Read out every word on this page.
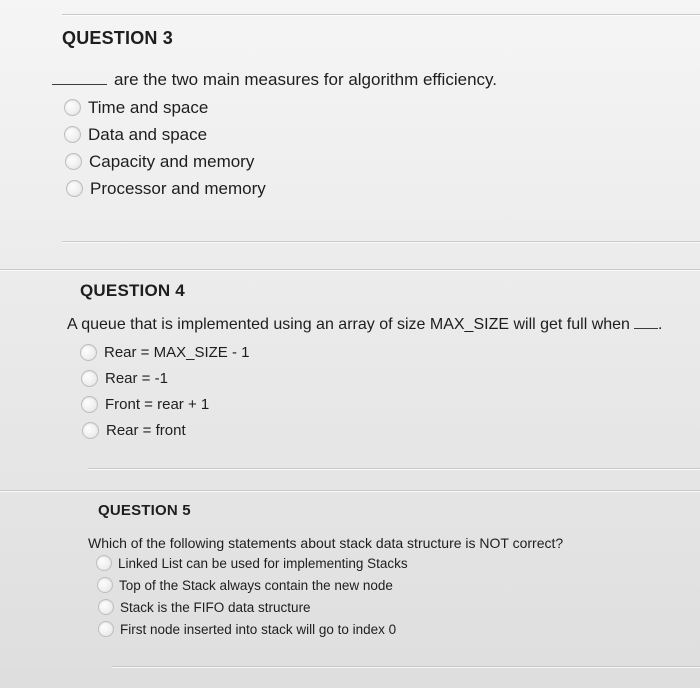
QUESTION 3
are the two main measures for algorithm efficiency.
Time and space
Data and space
Capacity and memory
Processor and memory
QUESTION 4
A queue that is implemented using an array of size MAX_SIZE will get full when .
Rear = MAX_SIZE - 1
Rear = -1
Front = rear + 1
Rear = front
QUESTION 5
Which of the following statements about stack data structure is NOT correct?
Linked List can be used for implementing Stacks
Top of the Stack always contain the new node
Stack is the FIFO data structure
First node inserted into stack will go to index 0
